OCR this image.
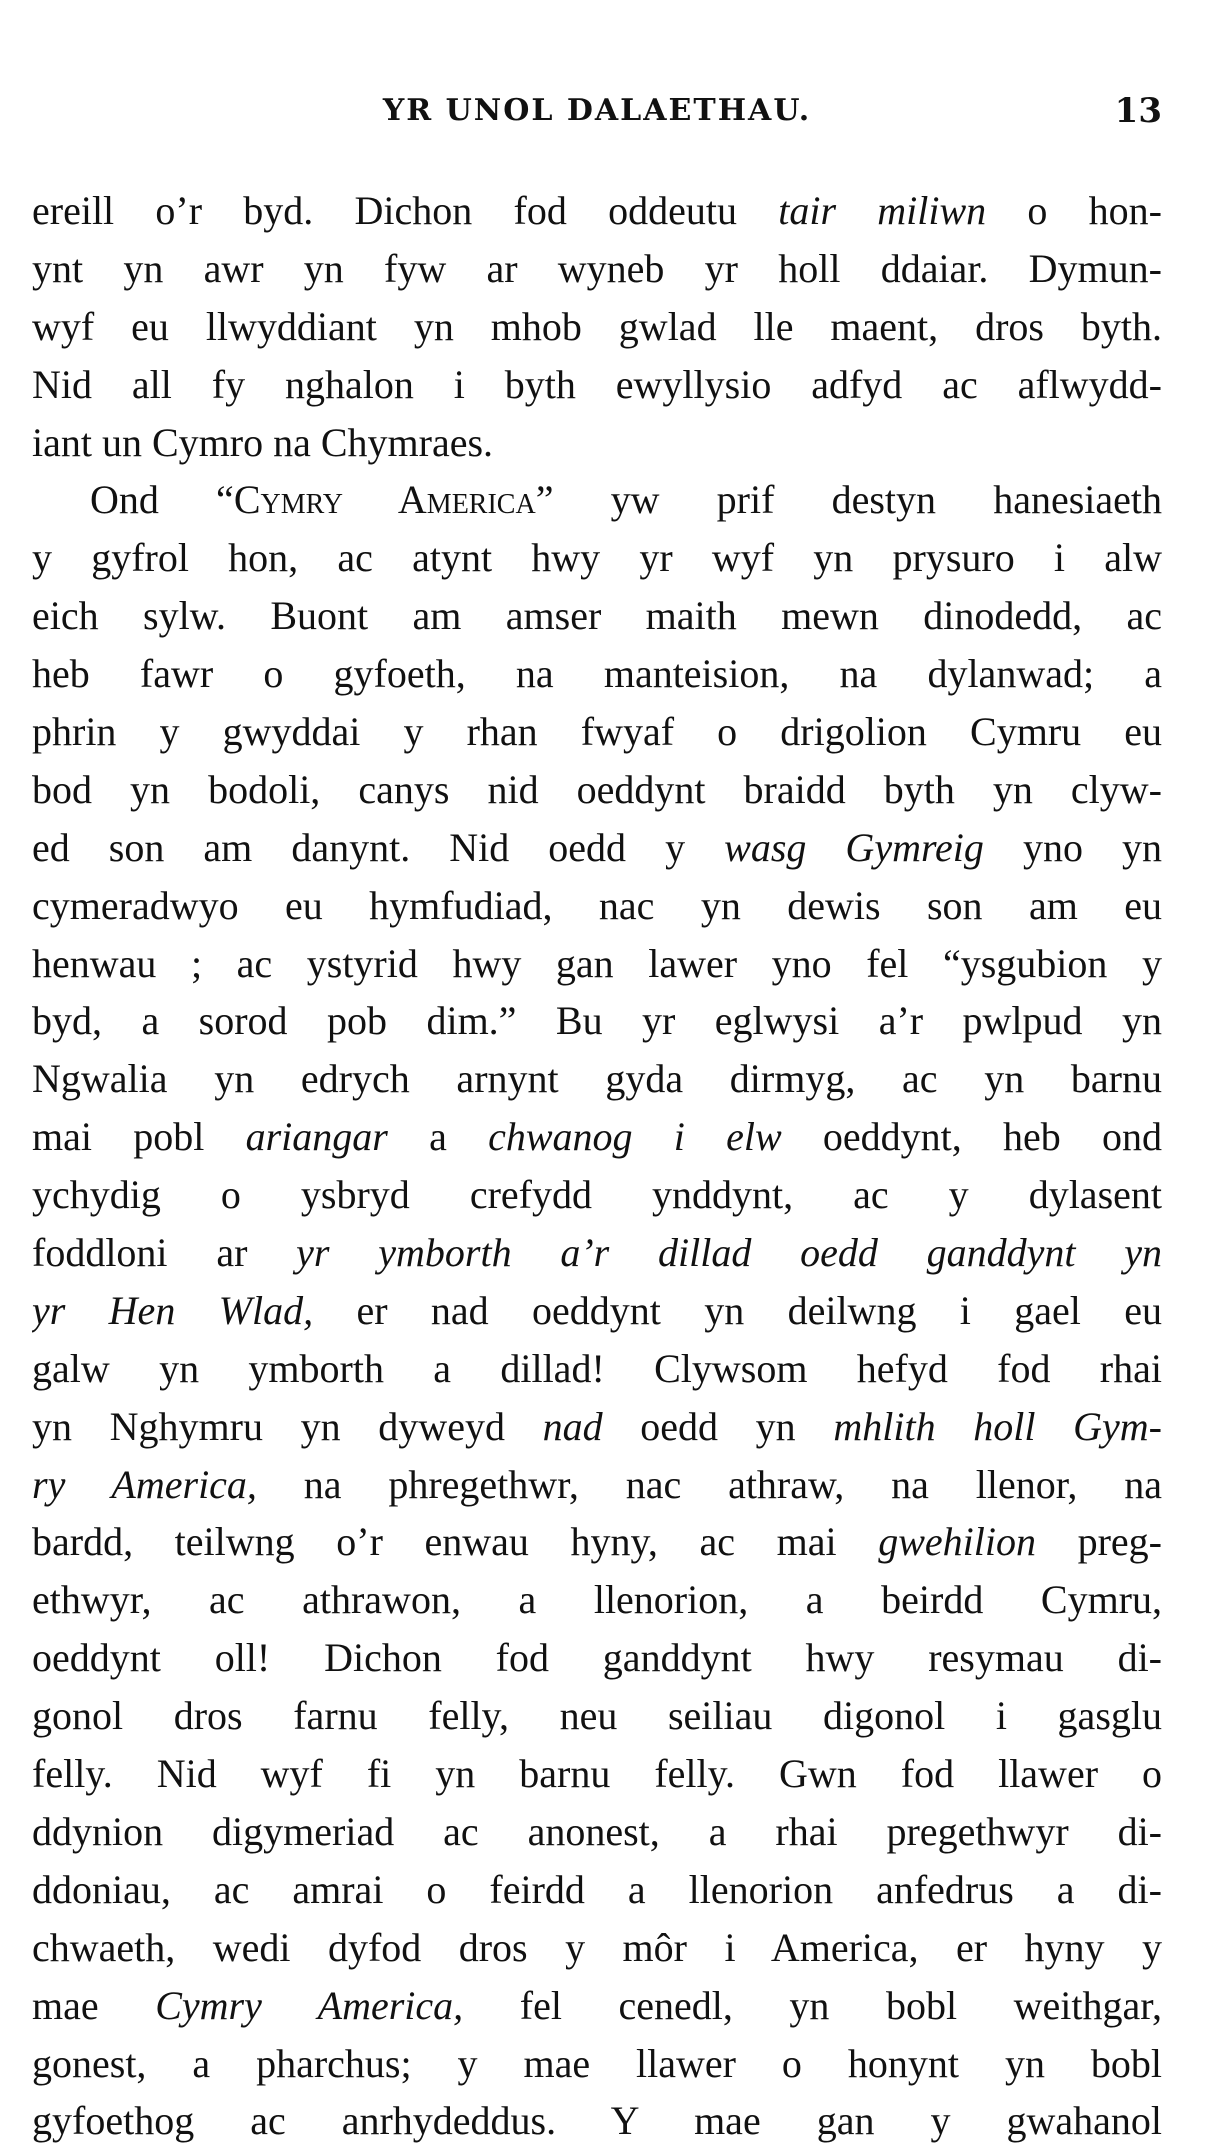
YR UNOL DALAETHAU.	13
ereill o’r byd. Dichon fod oddeutu tair miliwn o hon-
ynt yn awr yn fyw ar wyneb yr holl ddaiar. Dymun-
wyf eu llwyddiant yn mhob gwlad lle maent, dros byth.
Nid all fy nghalon i byth ewyllysio adfyd ac aflwydd-
iant un Cymro na Chymraes.
Ond “Cymry America” yw prif destyn hanesiaeth
y gyfrol hon, ac atynt hwy yr wyf yn prysuro i alw
eich sylw. Buont am amser maith mewn dinodedd, ac
heb fawr o gyfoeth, na manteision, na dylanwad; a
phrin y gwyddai y rhan fwyaf o drigolion Cymru eu
bod yn bodoli, canys nid oeddynt braidd byth yn clyw-
ed son am danynt. Nid oedd y wasg Gymreig yno yn
cymeradwyo eu hymfudiad, nac yn dewis son am eu
henwau ; ac ystyrid hwy gan lawer yno fel “ysgubion y
byd, a sorod pob dim.” Bu yr eglwysi a’r pwlpud yn
Ngwalia yn edrych arnynt gyda dirmyg, ac yn barnu
mai pobl ariangar a chwanog i elw oeddynt, heb ond
ychydig o ysbryd crefydd ynddynt, ac y dylasent
foddloni ar yr ymborth a’r dillad oedd ganddynt yn
yr Hen Wlad, er nad oeddynt yn deilwng i gael eu
galw yn ymborth a dillad! Clywsom hefyd fod rhai
yn Nghymru yn dyweyd nad oedd yn mhlith holl Gym-
ry America, na phregethwr, nac athraw, na llenor, na
bardd, teilwng o’r enwau hyny, ac mai gwehilion preg-
ethwyr, ac athrawon, a llenorion, a beirdd Cymru,
oeddynt oll! Dichon fod ganddynt hwy resymau di-
gonol dros farnu felly, neu seiliau digonol i gasglu
felly. Nid wyf fi yn barnu felly. Gwn fod llawer o
ddynion digymeriad ac anonest, a rhai pregethwyr di-
ddoniau, ac amrai o feirdd a llenorion anfedrus a di-
chwaeth, wedi dyfod dros y môr i America, er hyny y
mae Cymry America, fel cenedl, yn bobl weithgar,
gonest, a pharchus; y mae llawer o honynt yn bobl
gyfoethog ac anrhydeddus. Y mae gan y gwahanol
